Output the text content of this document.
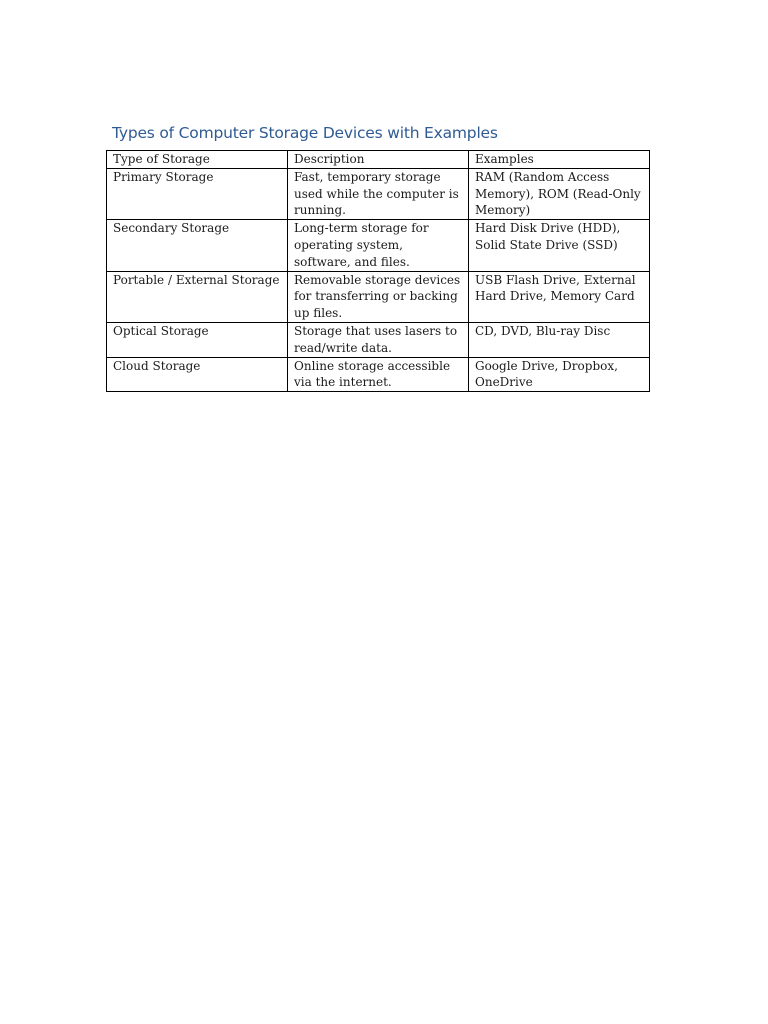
Types of Computer Storage Devices with Examples
Type of Storage	Description	Examples
Primary Storage	Fast, temporary storage used while the computer is running.	RAM (Random Access Memory), ROM (Read-Only Memory)
Secondary Storage	Long-term storage for operating system, software, and files.	Hard Disk Drive (HDD), Solid State Drive (SSD)
Portable / External Storage	Removable storage devices for transferring or backing up files.	USB Flash Drive, External Hard Drive, Memory Card
Optical Storage	Storage that uses lasers to read/write data.	CD, DVD, Blu-ray Disc
Cloud Storage	Online storage accessible via the internet.	Google Drive, Dropbox, OneDrive
